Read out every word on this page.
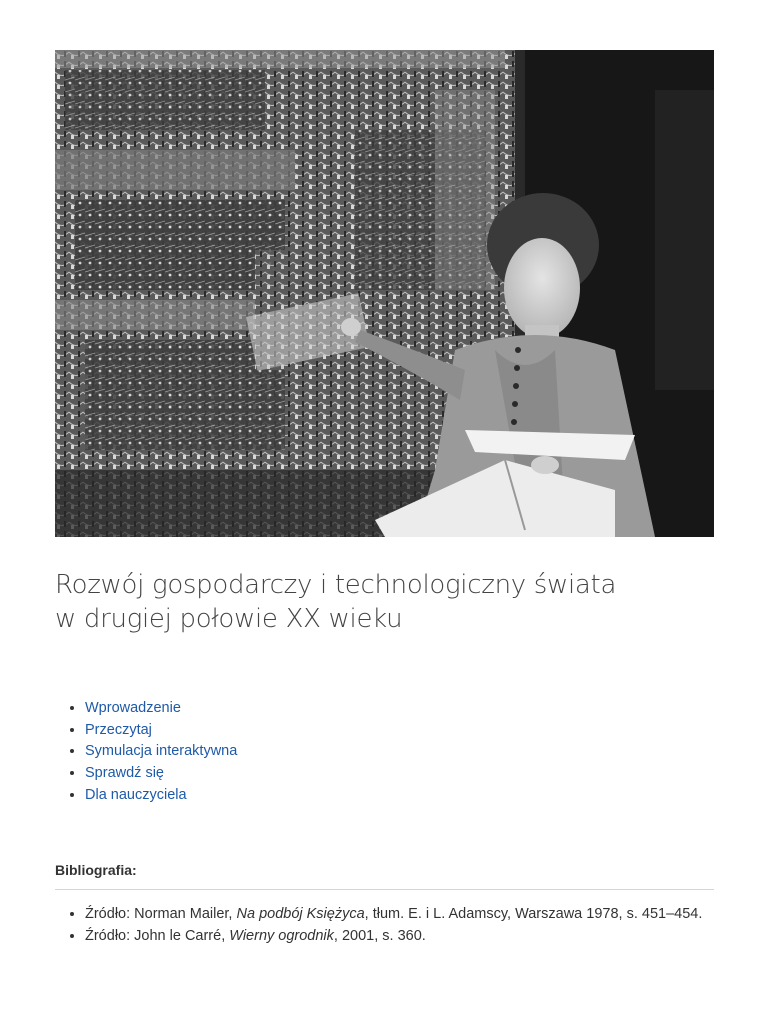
Rozwój gospodarczy i technologiczny świata
w drugiej połowie XX wieku
• Wprowadzenie
• Przeczytaj
• Symulacja interaktywna
• Sprawdź się
• Dla nauczyciela
Bibliografia:
• Źródło: Norman Mailer, Na podbój Księżyca, tłum. E. i L. Adamscy, Warszawa 1978, s. 451–454.
• Źródło: John le Carré, Wierny ogrodnik, 2001, s. 360.
